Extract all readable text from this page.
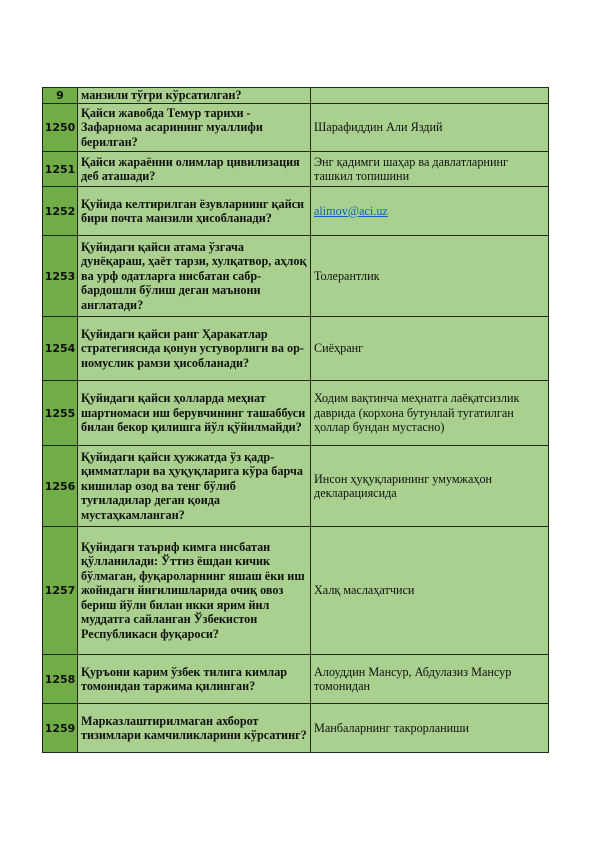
9	манзили тўғри кўрсатилган?	
1250	Қайси жавобда Темур тарихи - Зафарнома асарининг муаллифи берилган?	Шарафиддин Али Яздий
1251	Қайси жараённи олимлар цивилизация деб аташади?	Энг қадимги шаҳар ва давлатларнинг ташкил топишини
1252	Қуйида келтирилган ёзувларнинг қайси бири почта манзили ҳисобланади?	alimov@aci.uz
1253	Қуйидаги қайси атама ўзгача дунёқараш, ҳаёт тарзи, хулқатвор, аҳлоқ ва урф одатларга нисбатан сабр-бардошли бўлиш деган маънони англатади?	Толерантлик
1254	Қуйидаги қайси ранг Ҳаракатлар стратегиясида қонун устуворлиги ва ор-номуслик рамзи ҳисобланади?	Сиёҳранг
1255	Қуйидаги қайси ҳолларда меҳнат шартномаси иш берувчининг ташаббуси билан бекор қилишга йўл қўйилмайди?	Ходим вақтинча меҳнатга лаёқатсизлик даврида (корхона бутунлай тугатилган ҳоллар бундан мустасно)
1256	Қуйидаги қайси ҳужжатда ўз қадр-қимматлари ва ҳуқуқларига кўра барча кишилар озод ва тенг бўлиб туғиладилар деган қоида мустаҳкамланган?	Инсон ҳуқуқларининг умумжаҳон декларациясида
1257	Қуйидаги таъриф кимга нисбатан қўлланилади: Ўттиз ёшдан кичик бўлмаган, фуқароларнинг яшаш ёки иш жойидаги йиғилишларида очиқ овоз бериш йўли билан икки ярим йил муддатга сайланган Ўзбекистон Республикаси фуқароси?	Халқ маслаҳатчиси
1258	Қуръони карим ўзбек тилига кимлар томонидан таржима қилинган?	Алоуддин Мансур, Абдулазиз Мансур томонидан
1259	Марказлаштирилмаган ахборот тизимлари камчиликларини кўрсатинг?	Манбаларнинг такрорланиши
